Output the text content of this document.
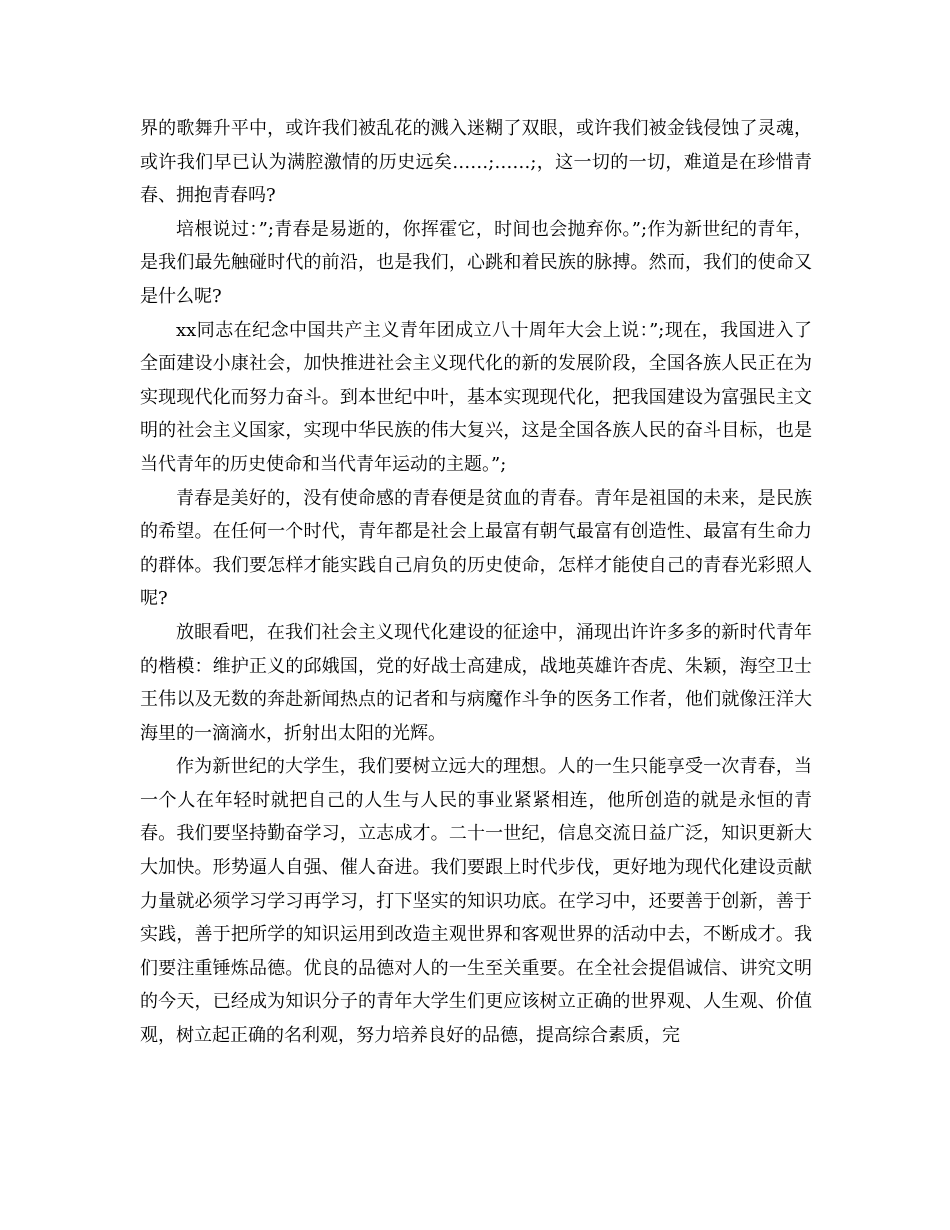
界的歌舞升平中，或许我们被乱花的溅入迷糊了双眼，或许我们被金钱侵蚀了灵魂，或许我们早已认为满腔激情的历史远矣……;……;，这一切的一切，难道是在珍惜青春、拥抱青春吗?

培根说过：”;青春是易逝的，你挥霍它，时间也会抛弃你。”;作为新世纪的青年，是我们最先触碰时代的前沿，也是我们，心跳和着民族的脉搏。然而，我们的使命又是什么呢?

xx同志在纪念中国共产主义青年团成立八十周年大会上说：”;现在，我国进入了全面建设小康社会，加快推进社会主义现代化的新的发展阶段，全国各族人民正在为实现现代化而努力奋斗。到本世纪中叶，基本实现现代化，把我国建设为富强民主文明的社会主义国家，实现中华民族的伟大复兴，这是全国各族人民的奋斗目标，也是当代青年的历史使命和当代青年运动的主题。”;

青春是美好的，没有使命感的青春便是贫血的青春。青年是祖国的未来，是民族的希望。在任何一个时代，青年都是社会上最富有朝气最富有创造性、最富有生命力的群体。我们要怎样才能实践自己肩负的历史使命，怎样才能使自己的青春光彩照人呢?

放眼看吧，在我们社会主义现代化建设的征途中，涌现出许许多多的新时代青年的楷模：维护正义的邱娥国，党的好战士高建成，战地英雄许杏虎、朱颖，海空卫士王伟以及无数的奔赴新闻热点的记者和与病魔作斗争的医务工作者，他们就像汪洋大海里的一滴滴水，折射出太阳的光辉。

作为新世纪的大学生，我们要树立远大的理想。人的一生只能享受一次青春，当一个人在年轻时就把自己的人生与人民的事业紧紧相连，他所创造的就是永恒的青春。我们要坚持勤奋学习，立志成才。二十一世纪，信息交流日益广泛，知识更新大大加快。形势逼人自强、催人奋进。我们要跟上时代步伐，更好地为现代化建设贡献力量就必须学习学习再学习，打下坚实的知识功底。在学习中，还要善于创新，善于实践，善于把所学的知识运用到改造主观世界和客观世界的活动中去，不断成才。我们要注重锤炼品德。优良的品德对人的一生至关重要。在全社会提倡诚信、讲究文明的今天，已经成为知识分子的青年大学生们更应该树立正确的世界观、人生观、价值观，树立起正确的名利观，努力培养良好的品德，提高综合素质，完
